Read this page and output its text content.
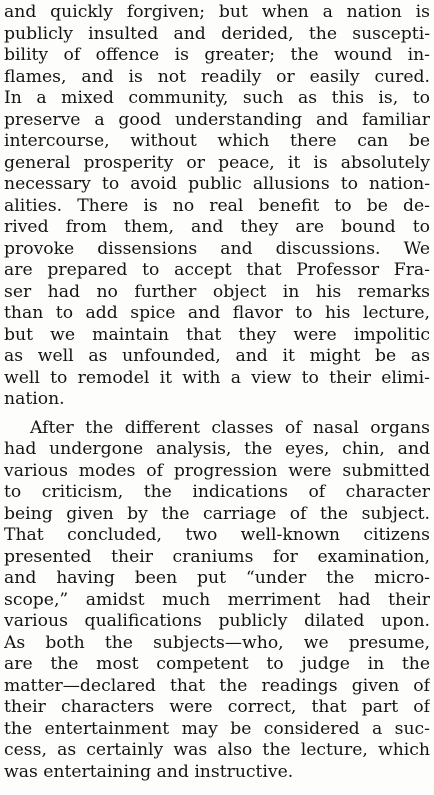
and quickly forgiven; but when a nation is
publicly insulted and derided, the suscepti-
bility of offence is greater; the wound in-
flames, and is not readily or easily cured.
In a mixed community, such as this is, to
preserve a good understanding and familiar
intercourse, without which there can be
general prosperity or peace, it is absolutely
necessary to avoid public allusions to nation-
alities. There is no real benefit to be de-
rived from them, and they are bound to
provoke dissensions and discussions. We
are prepared to accept that Professor Fra-
ser had no further object in his remarks
than to add spice and flavor to his lecture,
but we maintain that they were impolitic
as well as unfounded, and it might be as
well to remodel it with a view to their elimi-
nation.
After the different classes of nasal organs
had undergone analysis, the eyes, chin, and
various modes of progression were submitted
to criticism, the indications of character
being given by the carriage of the subject.
That concluded, two well-known citizens
presented their craniums for examination,
and having been put “under the micro-
scope,” amidst much merriment had their
various qualifications publicly dilated upon.
As both the subjects—who, we presume,
are the most competent to judge in the
matter—declared that the readings given of
their characters were correct, that part of
the entertainment may be considered a suc-
cess, as certainly was also the lecture, which
was entertaining and instructive.
